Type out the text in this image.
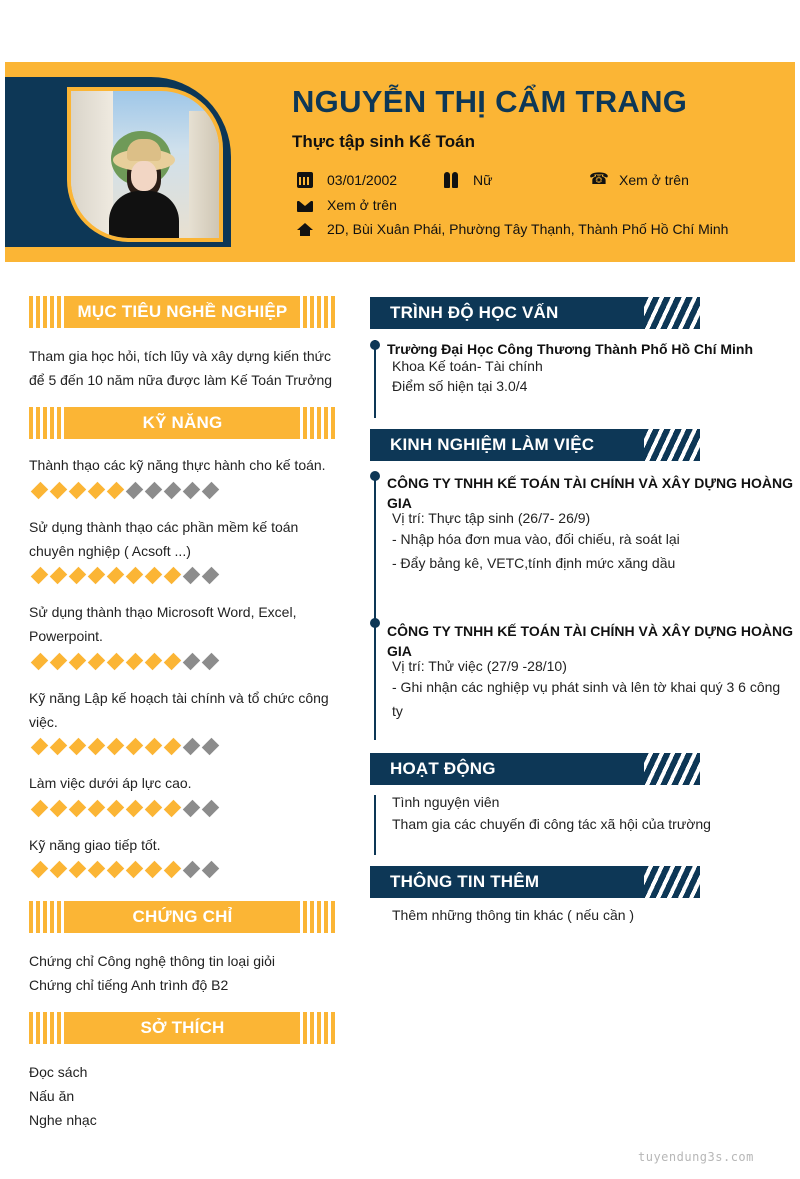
NGUYỄN THỊ CẨM TRANG
Thực tập sinh Kế Toán
03/01/2002	Nữ	☎ Xem ở trên
Xem ở trên
2D, Bùi Xuân Phái, Phường Tây Thạnh, Thành Phố Hồ Chí Minh
MỤC TIÊU NGHỀ NGHIỆP
Tham gia học hỏi, tích lũy và xây dựng kiến thức
để 5 đến 10 năm nữa được làm Kế Toán Trưởng
KỸ NĂNG
Thành thạo các kỹ năng thực hành cho kế toán.
Sử dụng thành thạo các phần mềm kế toán
chuyên nghiệp ( Acsoft ...)
Sử dụng thành thạo Microsoft Word, Excel,
Powerpoint.
Kỹ năng Lập kế hoạch tài chính và tổ chức công
việc.
Làm việc dưới áp lực cao.
Kỹ năng giao tiếp tốt.
CHỨNG CHỈ
Chứng chỉ Công nghệ thông tin loại giỏi
Chứng chỉ tiếng Anh trình độ B2
SỞ THÍCH
Đọc sách
Nấu ăn
Nghe nhạc
TRÌNH ĐỘ HỌC VẤN
Trường Đại Học Công Thương Thành Phố Hồ Chí Minh
Khoa Kế toán- Tài chính
Điểm số hiện tại 3.0/4
KINH NGHIỆM LÀM VIỆC
CÔNG TY TNHH KẾ TOÁN TÀI CHÍNH VÀ XÂY DỰNG HOÀNG
GIA
Vị trí: Thực tập sinh (26/7- 26/9)
- Nhập hóa đơn mua vào, đối chiếu, rà soát lại
- Đẩy bảng kê, VETC,tính định mức xăng dầu
CÔNG TY TNHH KẾ TOÁN TÀI CHÍNH VÀ XÂY DỰNG HOÀNG
GIA
Vị trí: Thử việc (27/9 -28/10)
- Ghi nhận các nghiệp vụ phát sinh và lên tờ khai quý 3 6 công
ty
HOẠT ĐỘNG
Tình nguyện viên
Tham gia các chuyến đi công tác xã hội của trường
THÔNG TIN THÊM
Thêm những thông tin khác ( nếu cần )
tuyendung3s.com
